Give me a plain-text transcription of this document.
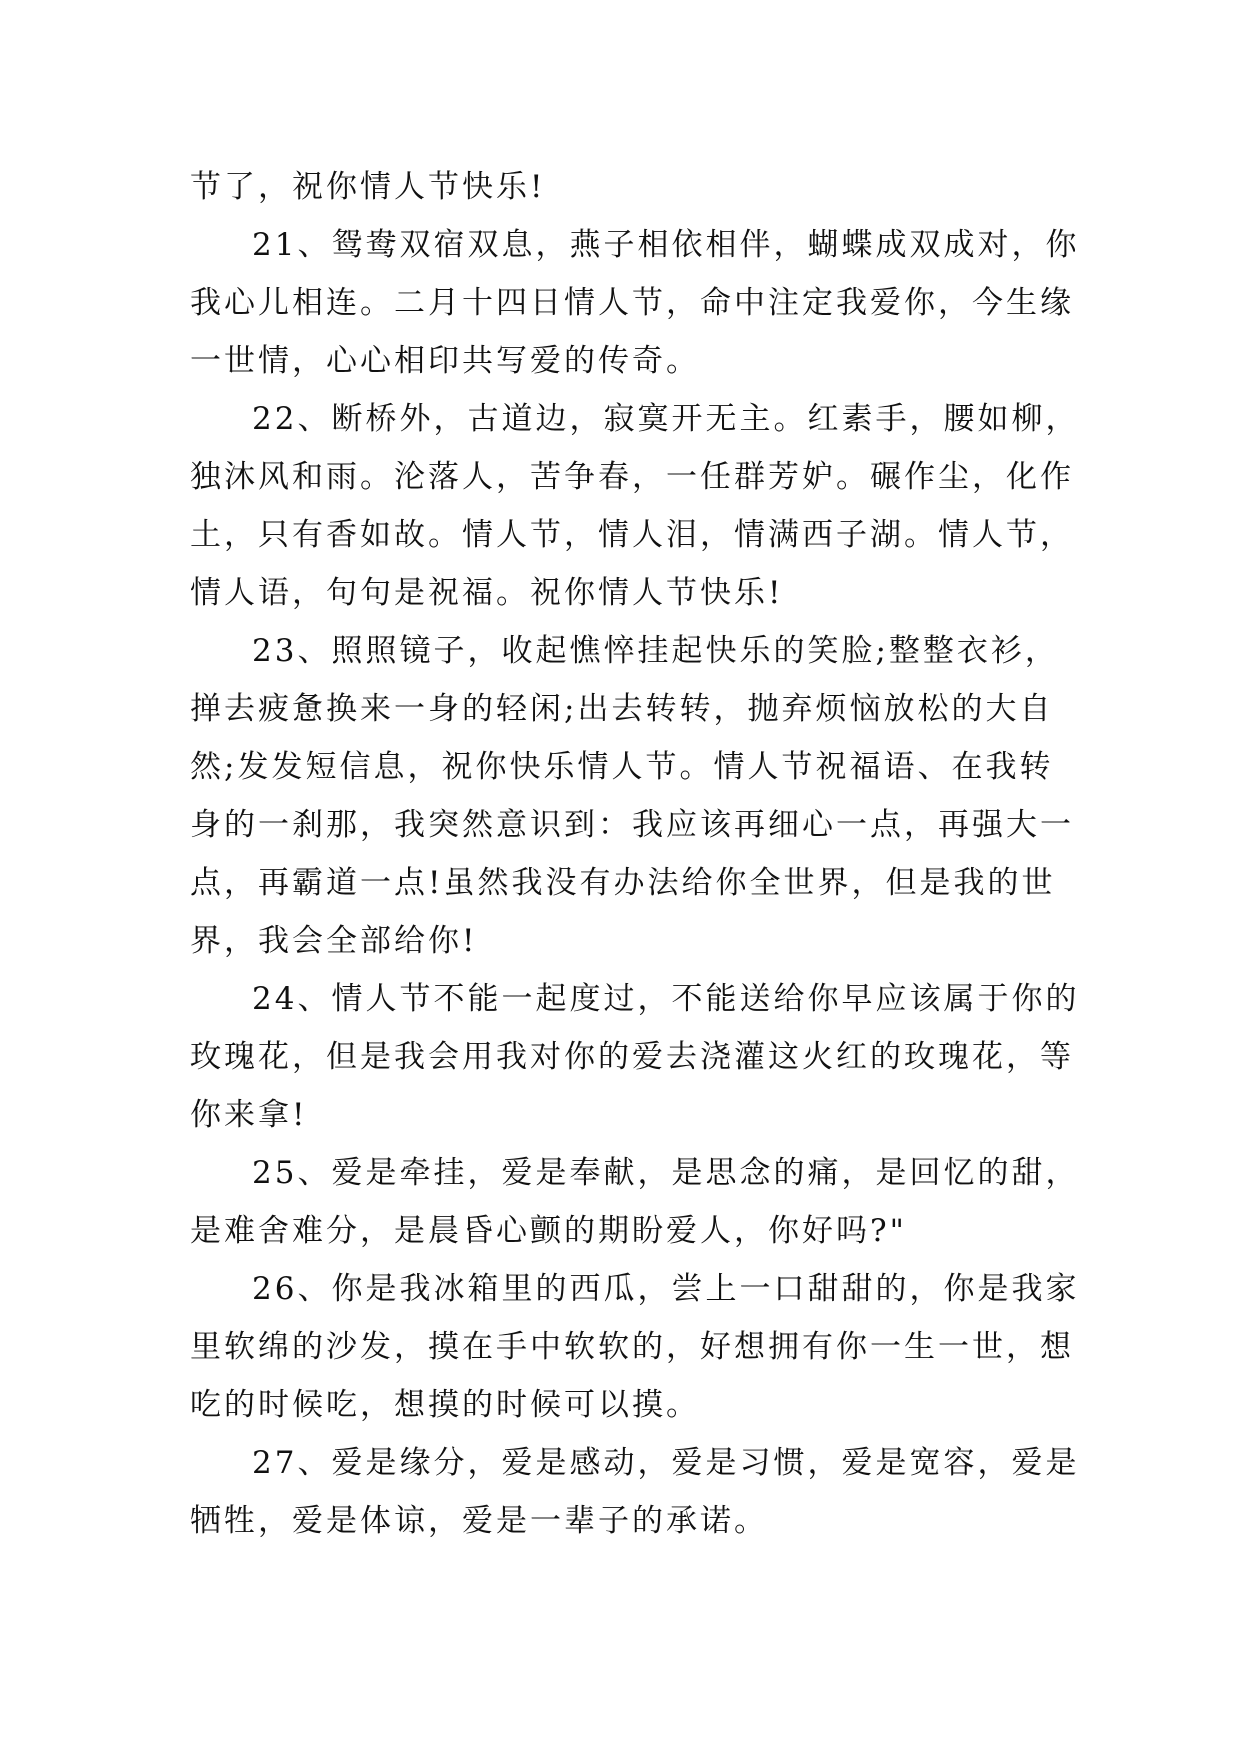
节了，祝你情人节快乐!
21、鸳鸯双宿双息，燕子相依相伴，蝴蝶成双成对，你
我心儿相连。二月十四日情人节，命中注定我爱你，今生缘
一世情，心心相印共写爱的传奇。
22、断桥外，古道边，寂寞开无主。红素手，腰如柳，
独沐风和雨。沦落人，苦争春，一任群芳妒。碾作尘，化作
土，只有香如故。情人节，情人泪，情满西子湖。情人节，
情人语，句句是祝福。祝你情人节快乐!
23、照照镜子，收起憔悴挂起快乐的笑脸;整整衣衫，
掸去疲惫换来一身的轻闲;出去转转，抛弃烦恼放松的大自
然;发发短信息，祝你快乐情人节。情人节祝福语、在我转
身的一刹那，我突然意识到：我应该再细心一点，再强大一
点，再霸道一点!虽然我没有办法给你全世界，但是我的世
界，我会全部给你!
24、情人节不能一起度过，不能送给你早应该属于你的
玫瑰花，但是我会用我对你的爱去浇灌这火红的玫瑰花，等
你来拿!
25、爱是牵挂，爱是奉献，是思念的痛，是回忆的甜，
是难舍难分，是晨昏心颤的期盼爱人，你好吗?"
26、你是我冰箱里的西瓜，尝上一口甜甜的，你是我家
里软绵的沙发，摸在手中软软的，好想拥有你一生一世，想
吃的时候吃，想摸的时候可以摸。
27、爱是缘分，爱是感动，爱是习惯，爱是宽容，爱是
牺牲，爱是体谅，爱是一辈子的承诺。
